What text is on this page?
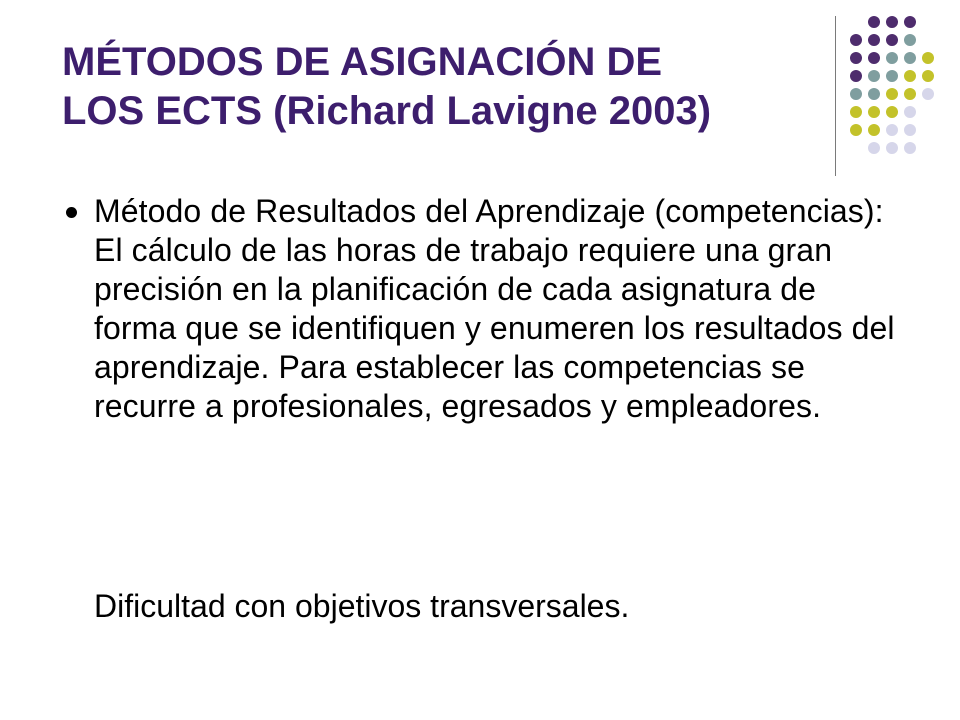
MÉTODOS DE ASIGNACIÓN DE
LOS ECTS (Richard Lavigne 2003)
Método de Resultados del Aprendizaje (competencias): El cálculo de las horas de trabajo requiere una gran precisión en la planificación de cada asignatura de forma que se identifiquen y enumeren los resultados del aprendizaje. Para establecer las competencias se recurre a profesionales, egresados y empleadores.

Dificultad con objetivos transversales.
